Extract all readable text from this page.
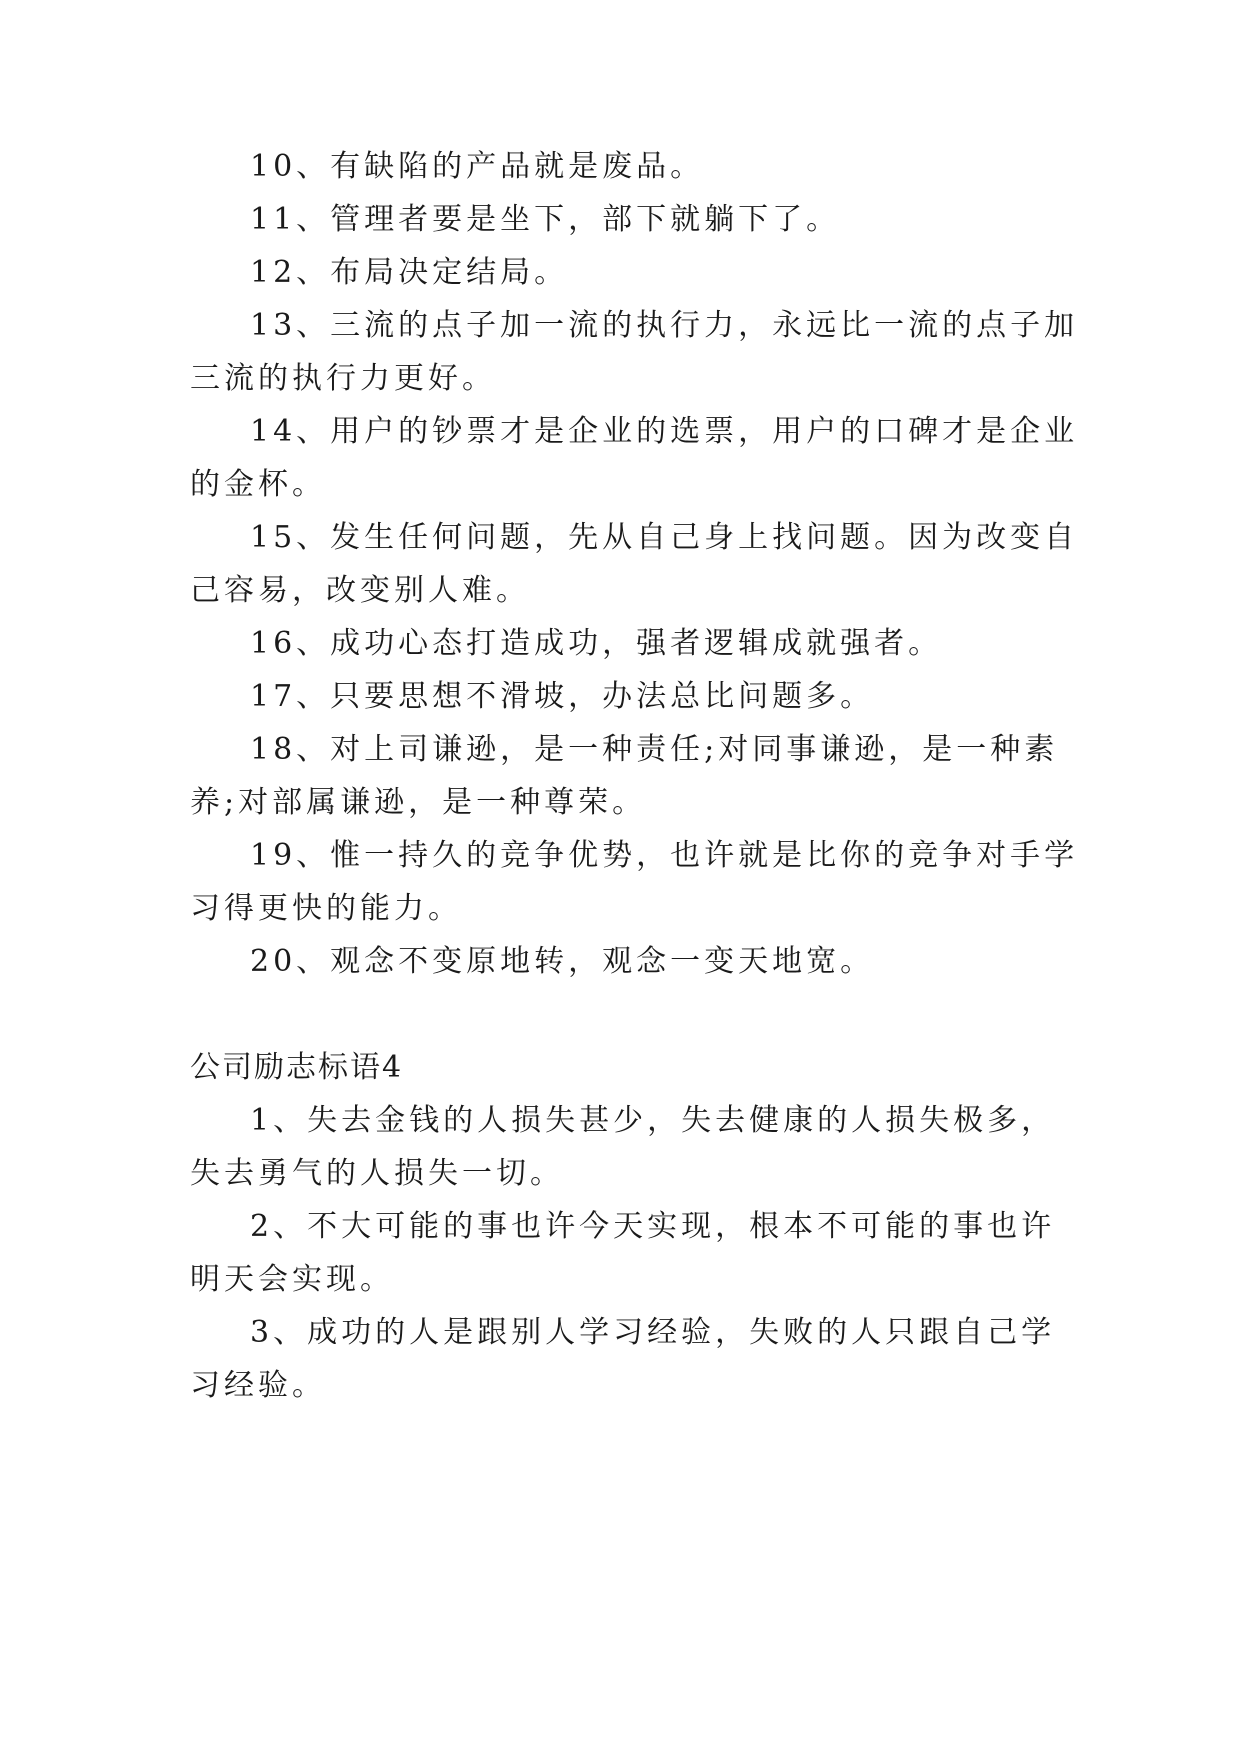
10、有缺陷的产品就是废品。

11、管理者要是坐下，部下就躺下了。

12、布局决定结局。

13、三流的点子加一流的执行力，永远比一流的点子加

三流的执行力更好。

14、用户的钞票才是企业的选票，用户的口碑才是企业

的金杯。

15、发生任何问题，先从自己身上找问题。因为改变自

己容易，改变别人难。

16、成功心态打造成功，强者逻辑成就强者。

17、只要思想不滑坡，办法总比问题多。

18、对上司谦逊，是一种责任;对同事谦逊，是一种素

养;对部属谦逊，是一种尊荣。

19、惟一持久的竞争优势，也许就是比你的竞争对手学

习得更快的能力。

20、观念不变原地转，观念一变天地宽。

公司励志标语4

1、失去金钱的人损失甚少，失去健康的人损失极多，

失去勇气的人损失一切。

2、不大可能的事也许今天实现，根本不可能的事也许

明天会实现。

3、成功的人是跟别人学习经验，失败的人只跟自己学

习经验。
